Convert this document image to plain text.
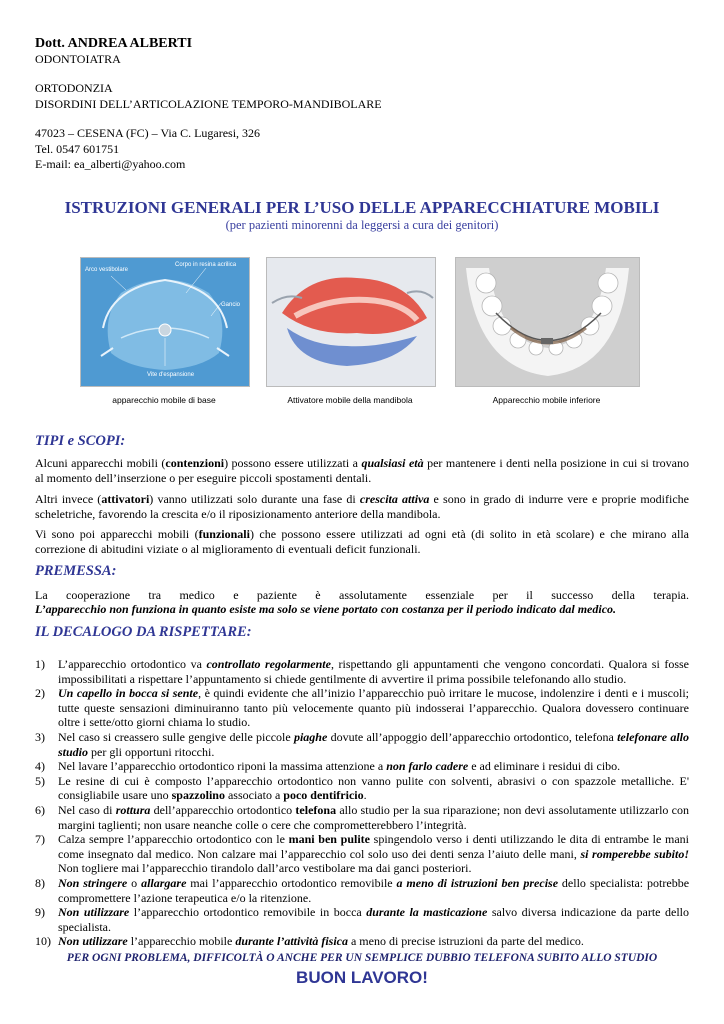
Dott. ANDREA ALBERTI
ODONTOIATRA
ORTODONZIA
DISORDINI DELL’ARTICOLAZIONE TEMPORO-MANDIBOLARE
47023 – CESENA (FC) – Via C. Lugaresi, 326
Tel. 0547 601751
E-mail: ea_alberti@yahoo.com
ISTRUZIONI GENERALI PER L’USO DELLE APPARECCHIATURE MOBILI
(per pazienti minorenni da leggersi a cura dei genitori)
Arco vestibolare
Corpo in resina acrilica
Gancio
Vite d'espansione
apparecchio mobile di base	Attivatore mobile della mandibola	Apparecchio mobile inferiore
TIPI e SCOPI:
Alcuni apparecchi mobili (contenzioni) possono essere utilizzati a qualsiasi età per mantenere i denti nella posizione in cui si trovano al momento dell’inserzione o per eseguire piccoli spostamenti dentali.
Altri invece (attivatori) vanno utilizzati solo durante una fase di crescita attiva e sono in grado di indurre vere e proprie modifiche scheletriche, favorendo la crescita e/o il riposizionamento anteriore della mandibola.
Vi sono poi apparecchi mobili (funzionali) che possono essere utilizzati ad ogni età (di solito in età scolare) e che mirano alla correzione di abitudini viziate o al miglioramento di eventuali deficit funzionali.
PREMESSA:
La cooperazione tra medico e paziente è assolutamente essenziale per il successo della terapia.
L’apparecchio non funziona in quanto esiste ma solo se viene portato con costanza per il periodo indicato dal medico.
IL DECALOGO DA RISPETTARE:
1)	L’apparecchio ortodontico va controllato regolarmente, rispettando gli appuntamenti che vengono concordati. Qualora si fosse impossibilitati a rispettare l’appuntamento si chiede gentilmente di avvertire il prima possibile telefonando allo studio.
2)	Un capello in bocca si sente, è quindi evidente che all’inizio l’apparecchio può irritare le mucose, indolenzire i denti e i muscoli; tutte queste sensazioni diminuiranno tanto più velocemente quanto più indosserai l’apparecchio. Qualora dovessero continuare oltre i sette/otto giorni chiama lo studio.
3)	Nel caso si creassero sulle gengive delle piccole piaghe dovute all’appoggio dell’apparecchio ortodontico, telefona telefonare allo studio per gli opportuni ritocchi.
4)	Nel lavare l’apparecchio ortodontico riponi la massima attenzione a non farlo cadere e ad eliminare i residui di cibo.
5)	Le resine di cui è composto l’apparecchio ortodontico non vanno pulite con solventi, abrasivi o con spazzole metalliche. E' consigliabile usare uno spazzolino associato a poco dentifricio.
6)	Nel caso di rottura dell’apparecchio ortodontico telefona allo studio per la sua riparazione; non devi assolutamente utilizzarlo con margini taglienti; non usare neanche colle o cere che comprometterebbero l’integrità.
7)	Calza sempre l’apparecchio ortodontico con le mani ben pulite spingendolo verso i denti utilizzando le dita di entrambe le mani come insegnato dal medico. Non calzare mai l’apparecchio col solo uso dei denti senza l’aiuto delle mani, si romperebbe subito! Non togliere mai l’apparecchio tirandolo dall’arco vestibolare ma dai ganci posteriori.
8)	Non stringere o allargare mai l’apparecchio ortodontico removibile a meno di istruzioni ben precise dello specialista: potrebbe compromettere l’azione terapeutica e/o la ritenzione.
9)	Non utilizzare l’apparecchio ortodontico removibile in bocca durante la masticazione salvo diversa indicazione da parte dello specialista.
10) Non utilizzare l’apparecchio mobile durante l’attività fisica a meno di precise istruzioni da parte del medico.
PER OGNI PROBLEMA, DIFFICOLTÀ O ANCHE PER UN SEMPLICE DUBBIO TELEFONA SUBITO ALLO STUDIO
BUON LAVORO!
